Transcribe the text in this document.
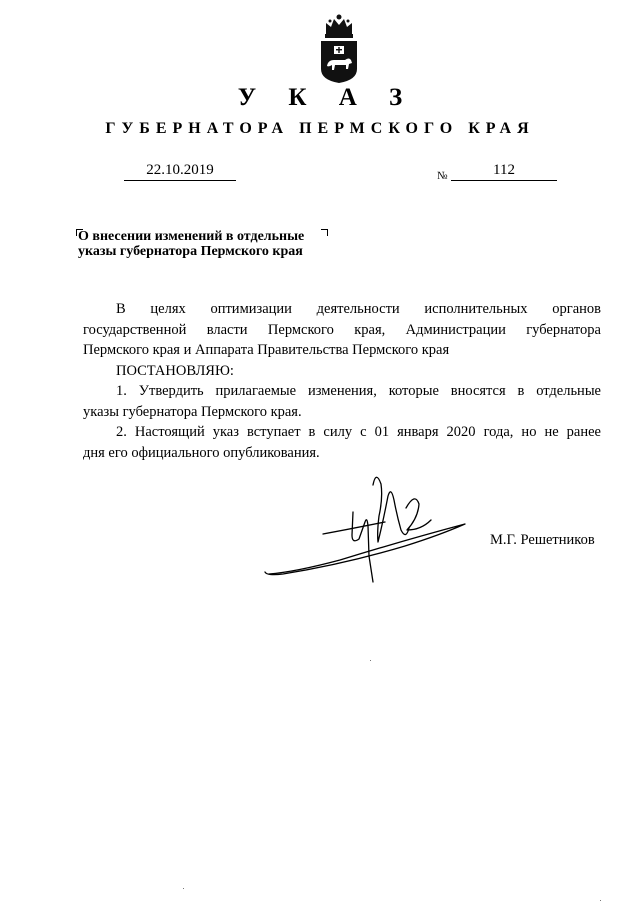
У К А З
ГУБЕРНАТОРА ПЕРМСКОГО КРАЯ
22.10.2019	№	112
О внесении изменений в отдельные
указы губернатора Пермского края
В целях оптимизации деятельности исполнительных органов
государственной власти Пермского края, Администрации губернатора
Пермского края и Аппарата Правительства Пермского края
ПОСТАНОВЛЯЮ:
1. Утвердить прилагаемые изменения, которые вносятся в отдельные
указы губернатора Пермского края.
2. Настоящий указ вступает в силу с 01 января 2020 года, но не ранее
дня его официального опубликования.
М.Г. Решетников
